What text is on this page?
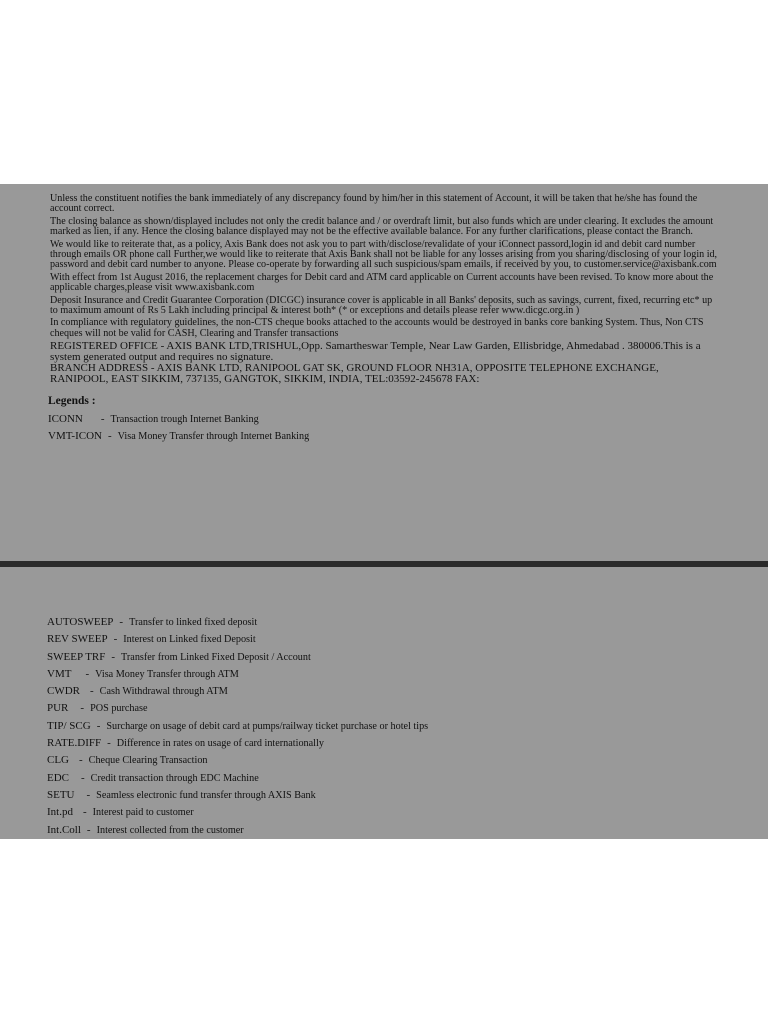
Unless the constituent notifies the bank immediately of any discrepancy found by him/her in this statement of Account, it will be taken that he/she has found the account correct.

The closing balance as shown/displayed includes not only the credit balance and / or overdraft limit, but also funds which are under clearing. It excludes the amount marked as lien, if any. Hence the closing balance displayed may not be the effective available balance. For any further clarifications, please contact the Branch.

We would like to reiterate that, as a policy, Axis Bank does not ask you to part with/disclose/revalidate of your iConnect passord,login id and debit card number through emails OR phone call Further,we would like to reiterate that Axis Bank shall not be liable for any losses arising from you sharing/disclosing of your login id, password and debit card number to anyone. Please co-operate by forwarding all such suspicious/spam emails, if received by you, to customer.service@axisbank.com

With effect from 1st August 2016, the replacement charges for Debit card and ATM card applicable on Current accounts have been revised. To know more about the applicable charges,please visit www.axisbank.com

Deposit Insurance and Credit Guarantee Corporation (DICGC) insurance cover is applicable in all Banks' deposits, such as savings, current, fixed, recurring etc* up to maximum amount of Rs 5 Lakh including principal & interest both* (* or exceptions and details please refer www.dicgc.org.in )

In compliance with regulatory guidelines, the non-CTS cheque books attached to the accounts would be destroyed in banks core banking System. Thus, Non CTS cheques will not be valid for CASH, Clearing and Transfer transactions

REGISTERED OFFICE - AXIS BANK LTD,TRISHUL,Opp. Samartheswar Temple, Near Law Garden, Ellisbridge, Ahmedabad . 380006.This is a system generated output and requires no signature.

BRANCH ADDRESS - AXIS BANK LTD, RANIPOOL GAT SK, GROUND FLOOR NH31A, OPPOSITE TELEPHONE EXCHANGE, RANIPOOL, EAST SIKKIM, 737135, GANGTOK, SIKKIM, INDIA, TEL:03592-245678 FAX:

Legends :
ICONN - Transaction trough Internet Banking
VMT-ICON - Visa Money Transfer through Internet Banking
AUTOSWEEP - Transfer to linked fixed deposit
REV SWEEP - Interest on Linked fixed Deposit
SWEEP TRF - Transfer from Linked Fixed Deposit / Account
VMT - Visa Money Transfer through ATM
CWDR - Cash Withdrawal through ATM
PUR - POS purchase
TIP/ SCG - Surcharge on usage of debit card at pumps/railway ticket purchase or hotel tips
RATE.DIFF - Difference in rates on usage of card internationally
CLG - Cheque Clearing Transaction
EDC - Credit transaction through EDC Machine
SETU - Seamless electronic fund transfer through AXIS Bank
Int.pd - Interest paid to customer
Int.Coll - Interest collected from the customer
